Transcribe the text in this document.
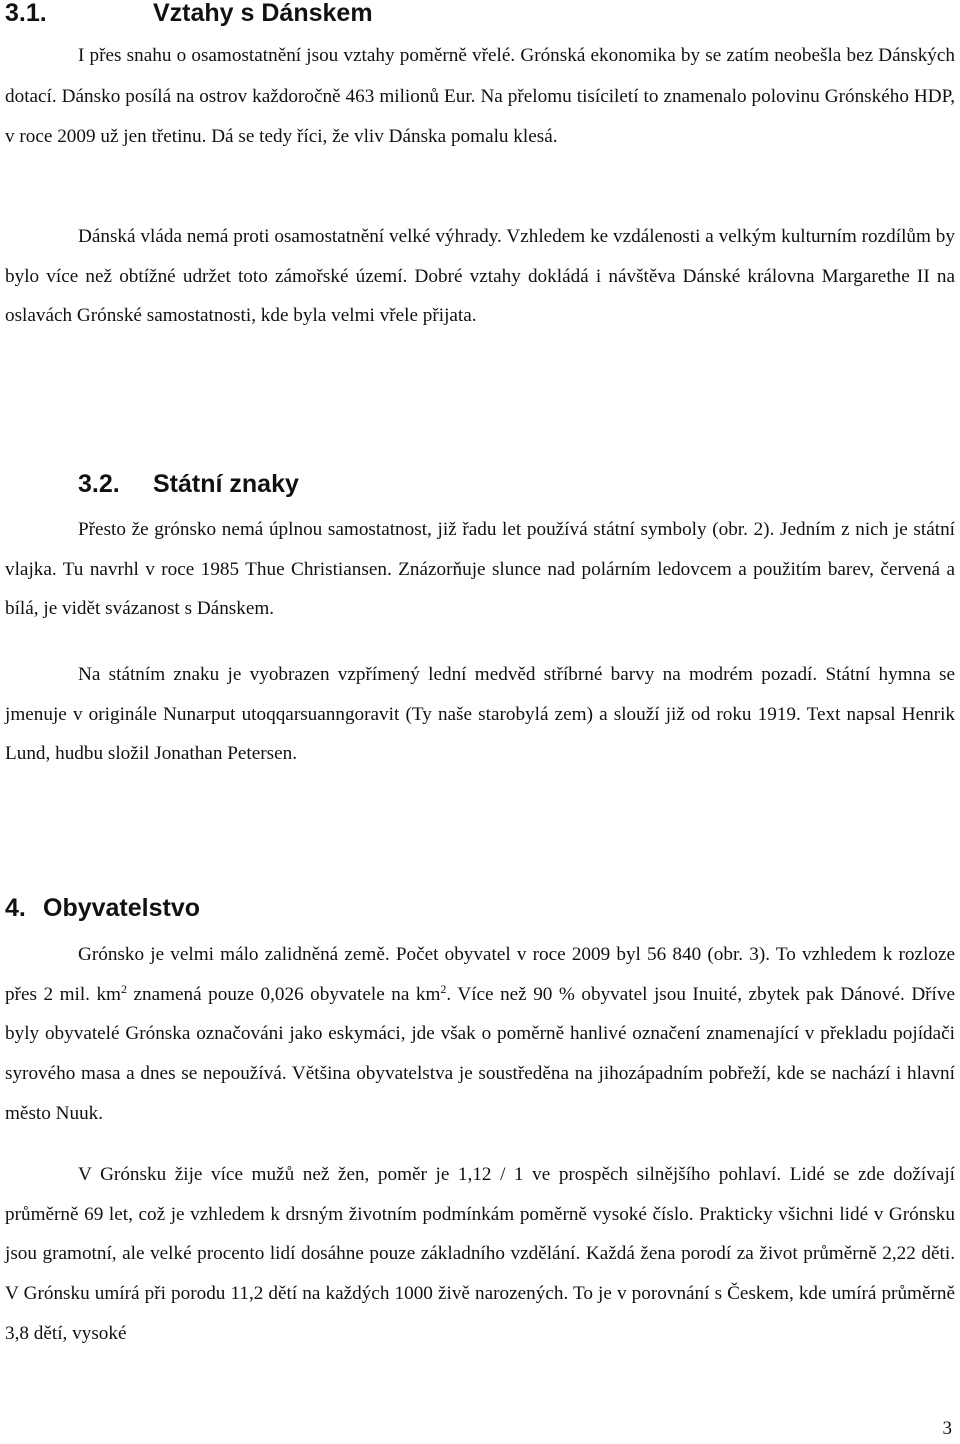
3.1.	Vztahy s Dánskem

I přes snahu o osamostatnění jsou vztahy poměrně vřelé. Grónská ekonomika by se zatím neobešla bez Dánských dotací. Dánsko posílá na ostrov každoročně 463 milionů Eur. Na přelomu tisíciletí to znamenalo polovinu Grónského HDP, v roce 2009 už jen třetinu. Dá se tedy říci, že vliv Dánska pomalu klesá.

Dánská vláda nemá proti osamostatnění velké výhrady. Vzhledem ke vzdálenosti a velkým kulturním rozdílům by bylo více než obtížné udržet toto zámořské území. Dobré vztahy dokládá i návštěva Dánské královna Margarethe II na oslavách Grónské samostatnosti, kde byla velmi vřele přijata.

3.2. Státní znaky

Přesto že grónsko nemá úplnou samostatnost, již řadu let používá státní symboly (obr. 2). Jedním z nich je státní vlajka. Tu navrhl v roce 1985 Thue Christiansen. Znázorňuje slunce nad polárním ledovcem a použitím barev, červená a bílá, je vidět svázanost s Dánskem.

Na státním znaku je vyobrazen vzpřímený lední medvěd stříbrné barvy na modrém pozadí. Státní hymna se jmenuje v originále Nunarput utoqqarsuanngoravit (Ty naše starobylá zem) a slouží již od roku 1919. Text napsal Henrik Lund, hudbu složil Jonathan Petersen.

4. Obyvatelstvo

Grónsko je velmi málo zalidněná země. Počet obyvatel v roce 2009 byl 56 840 (obr. 3). To vzhledem k rozloze přes 2 mil. $km^2$ znamená pouze 0,026 obyvatele na $km^2$. Více než 90 % obyvatel jsou Inuité, zbytek pak Dánové. Dříve byly obyvatelé Grónska označováni jako eskymáci, jde však o poměrně hanlivé označení znamenající v překladu pojídači syrového masa a dnes se nepoužívá. Většina obyvatelstva je soustředěna na jihozápadním pobřeží, kde se nachází i hlavní město Nuuk.

V Grónsku žije více mužů než žen, poměr je 1,12 / 1 ve prospěch silnějšího pohlaví. Lidé se zde dožívají průměrně 69 let, což je vzhledem k drsným životním podmínkám poměrně vysoké číslo. Prakticky všichni lidé v Grónsku jsou gramotní, ale velké procento lidí dosáhne pouze základního vzdělání. Každá žena porodí za život průměrně 2,22 děti. V Grónsku umírá při porodu 11,2 dětí na každých 1000 živě narozených. To je v porovnání s Českem, kde umírá průměrně 3,8 dětí, vysoké

3
